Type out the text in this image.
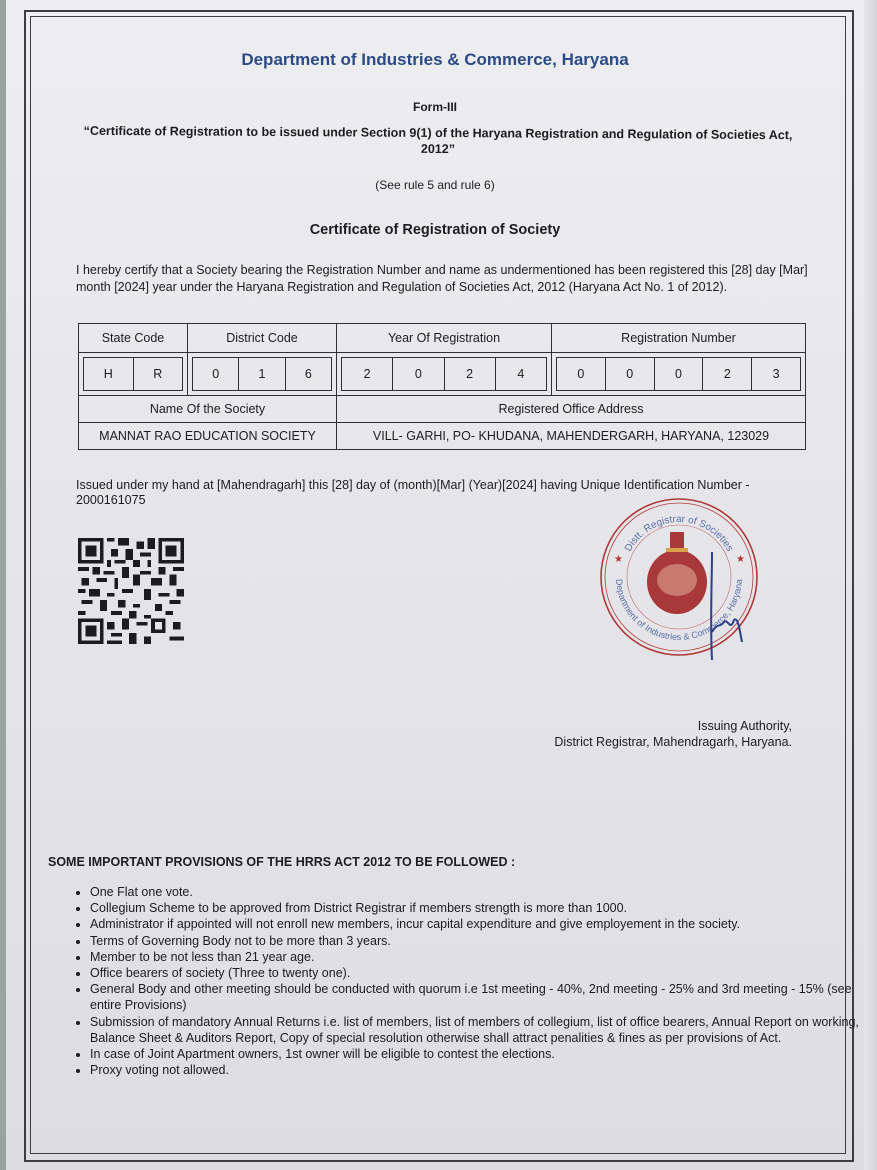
Department of Industries & Commerce, Haryana
Form-III
“Certificate of Registration to be issued under Section 9(1) of the Haryana Registration and Regulation of Societies Act, 2012”
(See rule 5 and rule 6)
Certificate of Registration of Society
I hereby certify that a Society bearing the Registration Number and name as undermentioned has been registered this [28] day [Mar] month [2024] year under the Haryana Registration and Regulation of Societies Act, 2012 (Haryana Act No. 1 of 2012).
State Code	District Code	Year Of Registration	Registration Number

H R	0 1 6	2 0 2 4	0 0 0 2 3

Name Of the Society		Registered Office Address	
MANNAT RAO EDUCATION SOCIETY		VILL- GARHI, PO- KHUDANA, MAHENDERGARH, HARYANA, 123029	
Issued under my hand at [Mahendragarh] this [28] day of (month)[Mar] (Year)[2024] having Unique Identification Number - 2000161075
Distt. Registrar of Societies
Department of Industries & Commerce, Haryana
★	★
Issuing Authority,
District Registrar, Mahendragarh, Haryana.
SOME IMPORTANT PROVISIONS OF THE HRRS ACT 2012 TO BE FOLLOWED :
• One Flat one vote.
• Collegium Scheme to be approved from District Registrar if members strength is more than 1000.
• Administrator if appointed will not enroll new members, incur capital expenditure and give employement in the society.
• Terms of Governing Body not to be more than 3 years.
• Member to be not less than 21 year age.
• Office bearers of society (Three to twenty one).
• General Body and other meeting should be conducted with quorum i.e 1st meeting - 40%, 2nd meeting - 25% and 3rd meeting - 15% (see entire Provisions)
• Submission of mandatory Annual Returns i.e. list of members, list of members of collegium, list of office bearers, Annual Report on working, Balance Sheet & Auditors Report, Copy of special resolution otherwise shall attract penalities & fines as per provisions of Act.
• In case of Joint Apartment owners, 1st owner will be eligible to contest the elections.
• Proxy voting not allowed.
